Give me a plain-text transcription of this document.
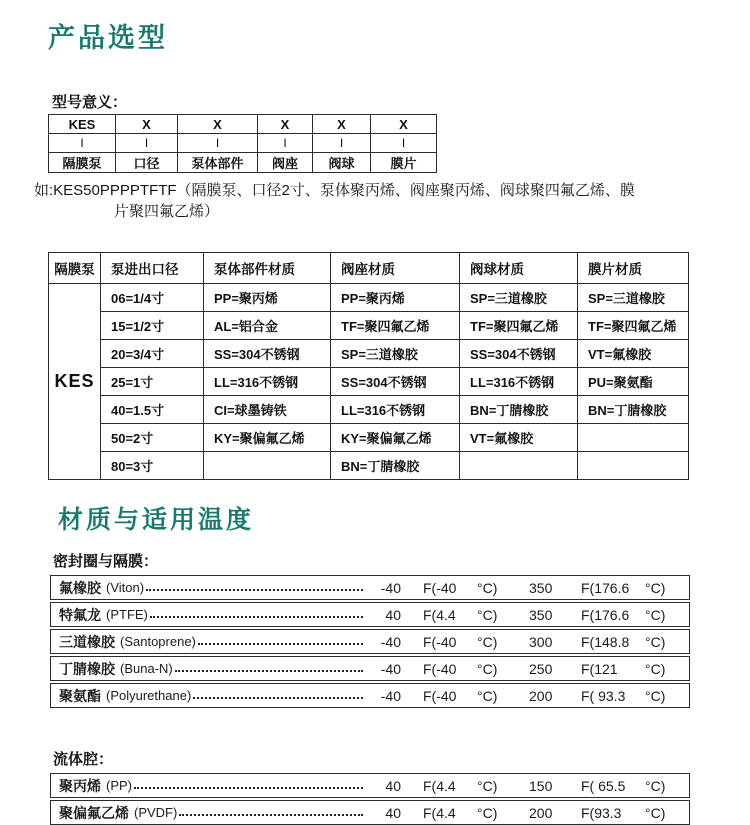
产品选型
型号意义：
KES	X	X	X	X	X
I	I	I	I	I	I
隔膜泵	口径	泵体部件	阀座	阀球	膜片
如:KES50PPPPTFTF（隔膜泵、口径2寸、泵体聚丙烯、阀座聚丙烯、阀球聚四氟乙烯、膜
片聚四氟乙烯）
隔膜泵	泵进出口径	泵体部件材质	阀座材质	阀球材质	膜片材质
KES	06=1/4寸	PP=聚丙烯	PP=聚丙烯	SP=三道橡胶	SP=三道橡胶
	15=1/2寸	AL=铝合金	TF=聚四氟乙烯	TF=聚四氟乙烯	TF=聚四氟乙烯
	20=3/4寸	SS=304不锈钢	SP=三道橡胶	SS=304不锈钢	VT=氟橡胶
	25=1寸	LL=316不锈钢	SS=304不锈钢	LL=316不锈钢	PU=聚氨酯
	40=1.5寸	CI=球墨铸铁	LL=316不锈钢	BN=丁腈橡胶	BN=丁腈橡胶
	50=2寸	KY=聚偏氟乙烯	KY=聚偏氟乙烯	VT=氟橡胶	
	80=3寸		BN=丁腈橡胶		
材质与适用温度
密封圈与隔膜：
氟橡胶 (Viton)	-40 F(-40	°C)	350	F(176.6	°C)
特氟龙 (PTFE)	40 F(4.4	°C)	350	F(176.6	°C)
三道橡胶 (Santoprene)	-40 F(-40	°C)	300	F(148.8	°C)
丁腈橡胶 (Buna-N)	-40 F(-40	°C)	250	F(121	°C)
聚氨酯 (Polyurethane)	-40 F(-40	°C)	200	F( 93.3	°C)
流体腔：
聚丙烯 (PP)	40 F(4.4	°C)	150	F( 65.5	°C)
聚偏氟乙烯 (PVDF)	40 F(4.4	°C)	200	F(93.3	°C)
